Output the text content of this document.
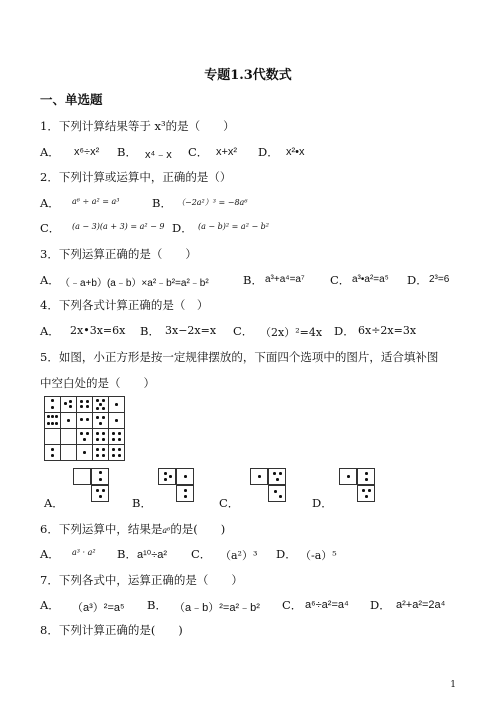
专题1.3代数式
一、单选题
1．下列计算结果等于 x³的是（　　）
A． x⁶÷x² B． x⁴﹣x C． x+x² D． x²•x
2．下列计算或运算中，正确的是（）
A． a⁶ ÷ a² = a³	B． （−2a²）³ = −8a⁶
C． (a − 3)(a + 3) = a² − 9 D． (a − b)² = a² − b²
3．下列运算正确的是（　　）
A． （﹣a+b）(a﹣b）×a²﹣b²=a²﹣b²	B． a³+a⁴=a⁷ C． a³•a²=a⁵ D． 2³=6
4．下列各式计算正确的是（　）
A． 2x•3x=6x B． 3x−2x=x C． （2x）²=4x D． 6x÷2x=3x
5．如图，小正方形是按一定规律摆放的，下面四个选项中的图片，适合填补图
中空白处的是（　　）

A．	B．	C．	D．
6．下列运算中，结果是a⁶的是(　　)
A． a³ · a² B． a¹⁰÷a² C． （a²）³ D． （-a）⁵
7．下列各式中，运算正确的是（　　）
A． （a³）²=a⁵ B． （a﹣b）²=a²﹣b² C． a⁶÷a²=a⁴ D． a²+a²=2a⁴
8．下列计算正确的是(　　)
1
